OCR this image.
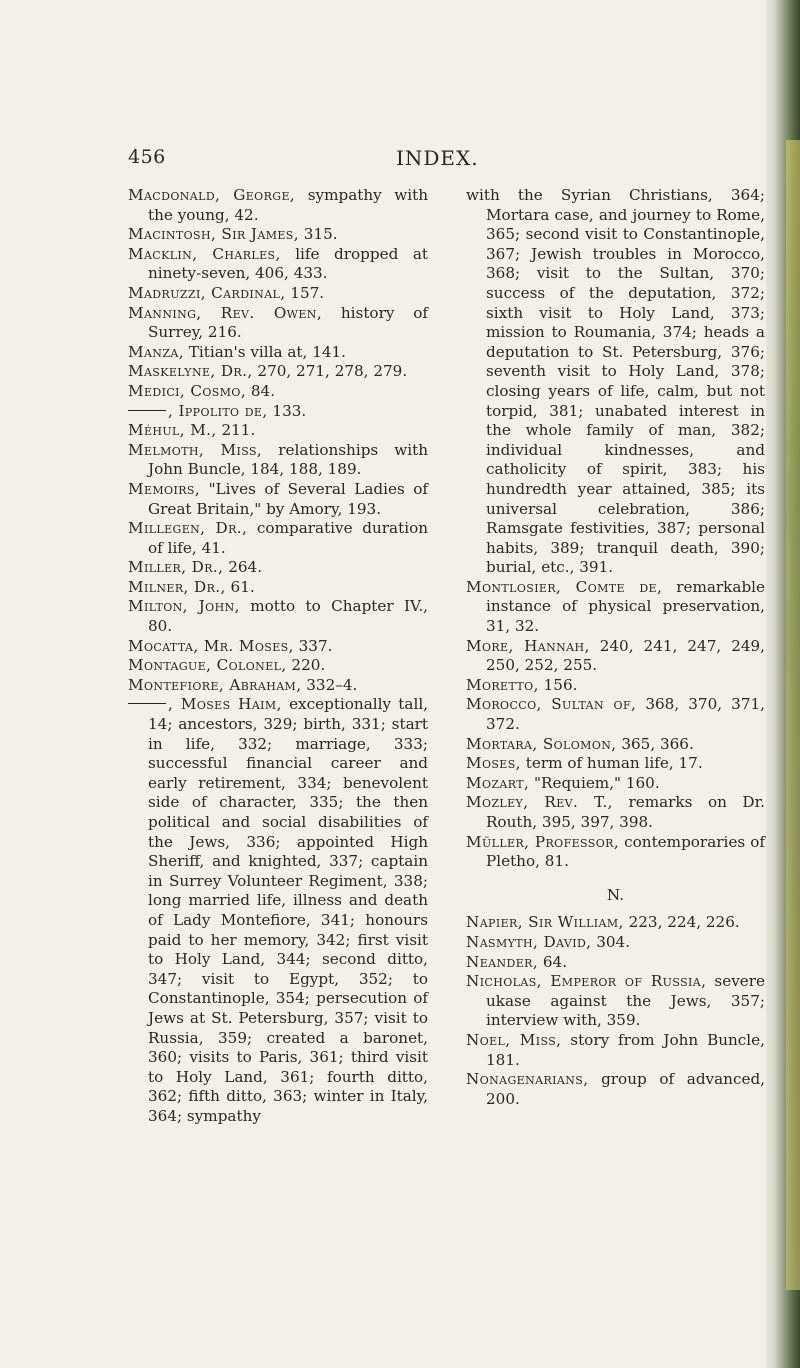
456	INDEX.

Macdonald, George, sympathy with the young, 42.

Macintosh, Sir James, 315.

Macklin, Charles, life dropped at ninety-seven, 406, 433.

Madruzzi, Cardinal, 157.

Manning, Rev. Owen, history of Surrey, 216.

Manza, Titian's villa at, 141.

Maskelyne, Dr., 270, 271, 278, 279.

Medici, Cosmo, 84.

, Ippolito de, 133.

Méhul, M., 211.

Melmoth, Miss, relationships with John Buncle, 184, 188, 189.

Memoirs, "Lives of Several Ladies of Great Britain," by Amory, 193.

Millegen, Dr., comparative duration of life, 41.

Miller, Dr., 264.

Milner, Dr., 61.

Milton, John, motto to Chapter IV., 80.

Mocatta, Mr. Moses, 337.

Montague, Colonel, 220.

Montefiore, Abraham, 332–4.

, Moses Haim, exceptionally tall, 14; ancestors, 329; birth, 331; start in life, 332; marriage, 333; successful financial career and early retirement, 334; benevolent side of character, 335; the then political and social disabilities of the Jews, 336; appointed High Sheriff, and knighted, 337; captain in Surrey Volunteer Regiment, 338; long married life, illness and death of Lady Montefiore, 341; honours paid to her memory, 342; first visit to Holy Land, 344; second ditto, 347; visit to Egypt, 352; to Constantinople, 354; persecution of Jews at St. Petersburg, 357; visit to Russia, 359; created a baronet, 360; visits to Paris, 361; third visit to Holy Land, 361; fourth ditto, 362; fifth ditto, 363; winter in Italy, 364; sympathy

with the Syrian Christians, 364; Mortara case, and journey to Rome, 365; second visit to Constantinople, 367; Jewish troubles in Morocco, 368; visit to the Sultan, 370; success of the deputation, 372; sixth visit to Holy Land, 373; mission to Roumania, 374; heads a deputation to St. Petersburg, 376; seventh visit to Holy Land, 378; closing years of life, calm, but not torpid, 381; unabated interest in the whole family of man, 382; individual kindnesses, and catholicity of spirit, 383; his hundredth year attained, 385; its universal celebration, 386; Ramsgate festivities, 387; personal habits, 389; tranquil death, 390; burial, etc., 391.

Montlosier, Comte de, remarkable instance of physical preservation, 31, 32.

More, Hannah, 240, 241, 247, 249, 250, 252, 255.

Moretto, 156.

Morocco, Sultan of, 368, 370, 371, 372.

Mortara, Solomon, 365, 366.

Moses, term of human life, 17.

Mozart, "Requiem," 160.

Mozley, Rev. T., remarks on Dr. Routh, 395, 397, 398.

Müller, Professor, contemporaries of Pletho, 81.

N.

Napier, Sir William, 223, 224, 226.

Nasmyth, David, 304.

Neander, 64.

Nicholas, Emperor of Russia, severe ukase against the Jews, 357; interview with, 359.

Noel, Miss, story from John Buncle, 181.

Nonagenarians, group of advanced, 200.
